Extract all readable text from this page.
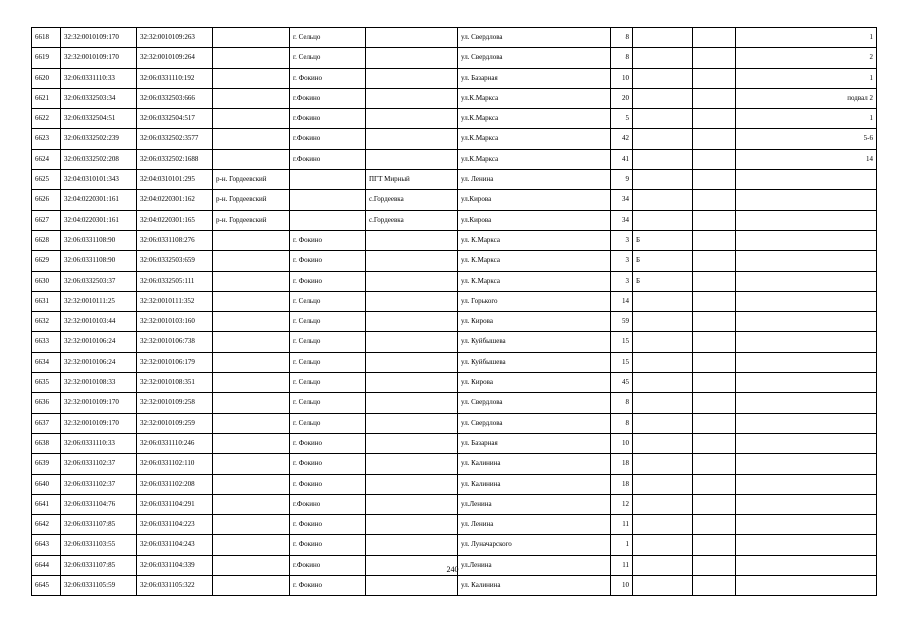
6618	32:32:0010109:170	32:32:0010109:263		г. Сельцо		ул. Свердлова	8			1
6619	32:32:0010109:170	32:32:0010109:264		г. Сельцо		ул. Свердлова	8			2
6620	32:06:0331110:33	32:06:0331110:192		г. Фокино		ул. Базарная	10			1
6621	32:06:0332503:34	32:06:0332503:666		г.Фокино		ул.К.Маркса	20			подвал 2
6622	32:06:0332504:51	32:06:0332504:517		г.Фокино		ул.К.Маркса	5			1
6623	32:06:0332502:239	32:06:0332502:3577		г.Фокино		ул.К.Маркса	42			5-6
6624	32:06:0332502:208	32:06:0332502:1688		г.Фокино		ул.К.Маркса	41			14
6625	32:04:0310101:343	32:04:0310101:295	р-н. Гордеевский		ПГТ Мирный	ул. Ленина	9			
6626	32:04:0220301:161	32:04:0220301:162	р-н. Гордеевский		с.Гордеевка	ул.Кирова	34			
6627	32:04:0220301:161	32:04:0220301:165	р-н. Гордеевский		с.Гордеевка	ул.Кирова	34			
6628	32:06:0331108:90	32:06:0331108:276		г. Фокино		ул. К.Маркса	3	Б		
6629	32:06:0331108:90	32:06:0332503:659		г. Фокино		ул. К.Маркса	3	Б		
6630	32:06:0332503:37	32:06:0332505:111		г. Фокино		ул. К.Маркса	3	Б		
6631	32:32:0010111:25	32:32:0010111:352		г. Сельцо		ул. Горького	14			
6632	32:32:0010103:44	32:32:0010103:160		г. Сельцо		ул. Кирова	59			
6633	32:32:0010106:24	32:32:0010106:738		г. Сельцо		ул. Куйбышева	15			
6634	32:32:0010106:24	32:32:0010106:179		г. Сельцо		ул. Куйбышева	15			
6635	32:32:0010108:33	32:32:0010108:351		г. Сельцо		ул. Кирова	45			
6636	32:32:0010109:170	32:32:0010109:258		г. Сельцо		ул. Свердлова	8			
6637	32:32:0010109:170	32:32:0010109:259		г. Сельцо		ул. Свердлова	8			
6638	32:06:0331110:33	32:06:0331110:246		г. Фокино		ул. Базарная	10			
6639	32:06:0331102:37	32:06:0331102:110		г. Фокино		ул. Калинина	18			
6640	32:06:0331102:37	32:06:0331102:208		г. Фокино		ул. Калинина	18			
6641	32:06:0331104:76	32:06:0331104:291		г.Фокино		ул.Ленина	12			
6642	32:06:0331107:85	32:06:0331104:223		г. Фокино		ул. Ленина	11			
6643	32:06:0331103:55	32:06:0331104:243		г. Фокино		ул. Луначарского	1			
6644	32:06:0331107:85	32:06:0331104:339		г.Фокино		ул.Ленина	11			
6645	32:06:0331105:59	32:06:0331105:322		г. Фокино		ул. Калинина	10			
240
